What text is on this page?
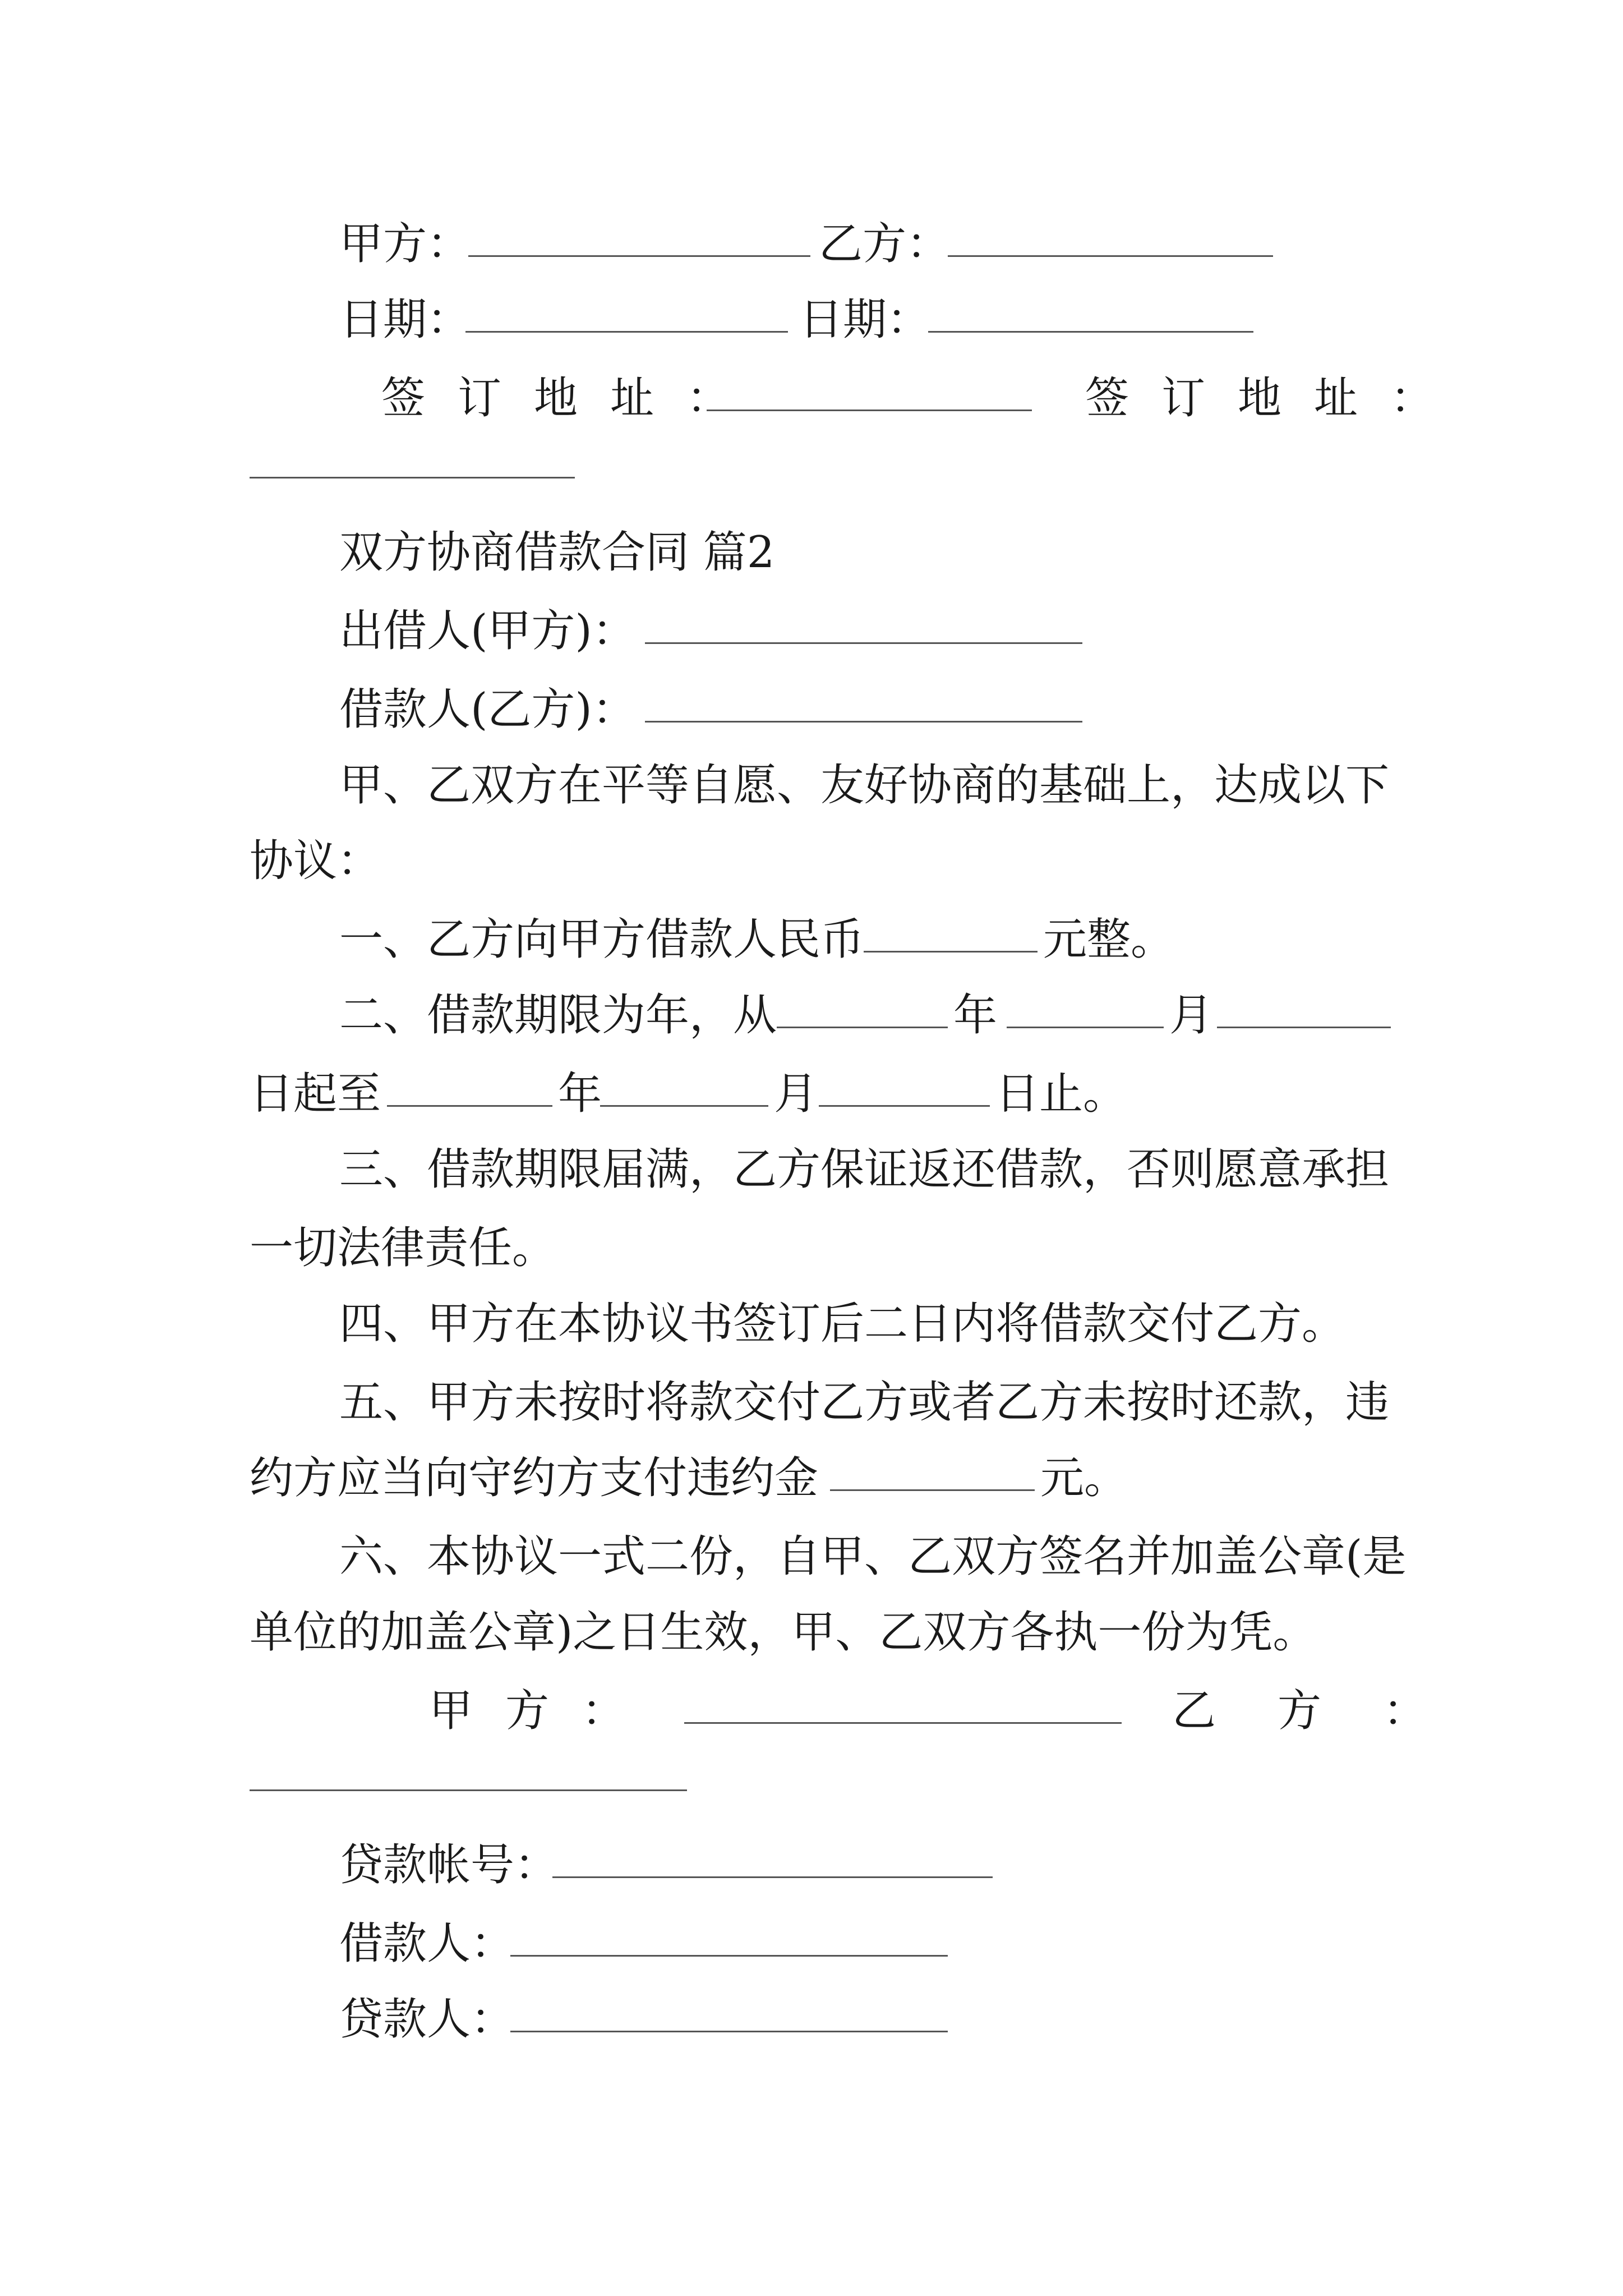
甲方：	乙方：
日期：	日期：
签订地址：	签订地址：
双方协商借款合同 篇2
出借人(甲方)：
借款人(乙方)：
甲、乙双方在平等自愿、友好协商的基础上，达成以下
协议：
一、乙方向甲方借款人民币	元整。
二、借款期限为年，从	年	月
日起至	年	月	日止。
三、借款期限届满，乙方保证返还借款，否则愿意承担
一切法律责任。
四、甲方在本协议书签订后二日内将借款交付乙方。
五、甲方未按时将款交付乙方或者乙方未按时还款，违
约方应当向守约方支付违约金	元。
六、本协议一式二份，自甲、乙双方签名并加盖公章(是
单位的加盖公章)之日生效，甲、乙双方各执一份为凭。
甲方：	乙方：
贷款帐号：
借款人：
贷款人：
